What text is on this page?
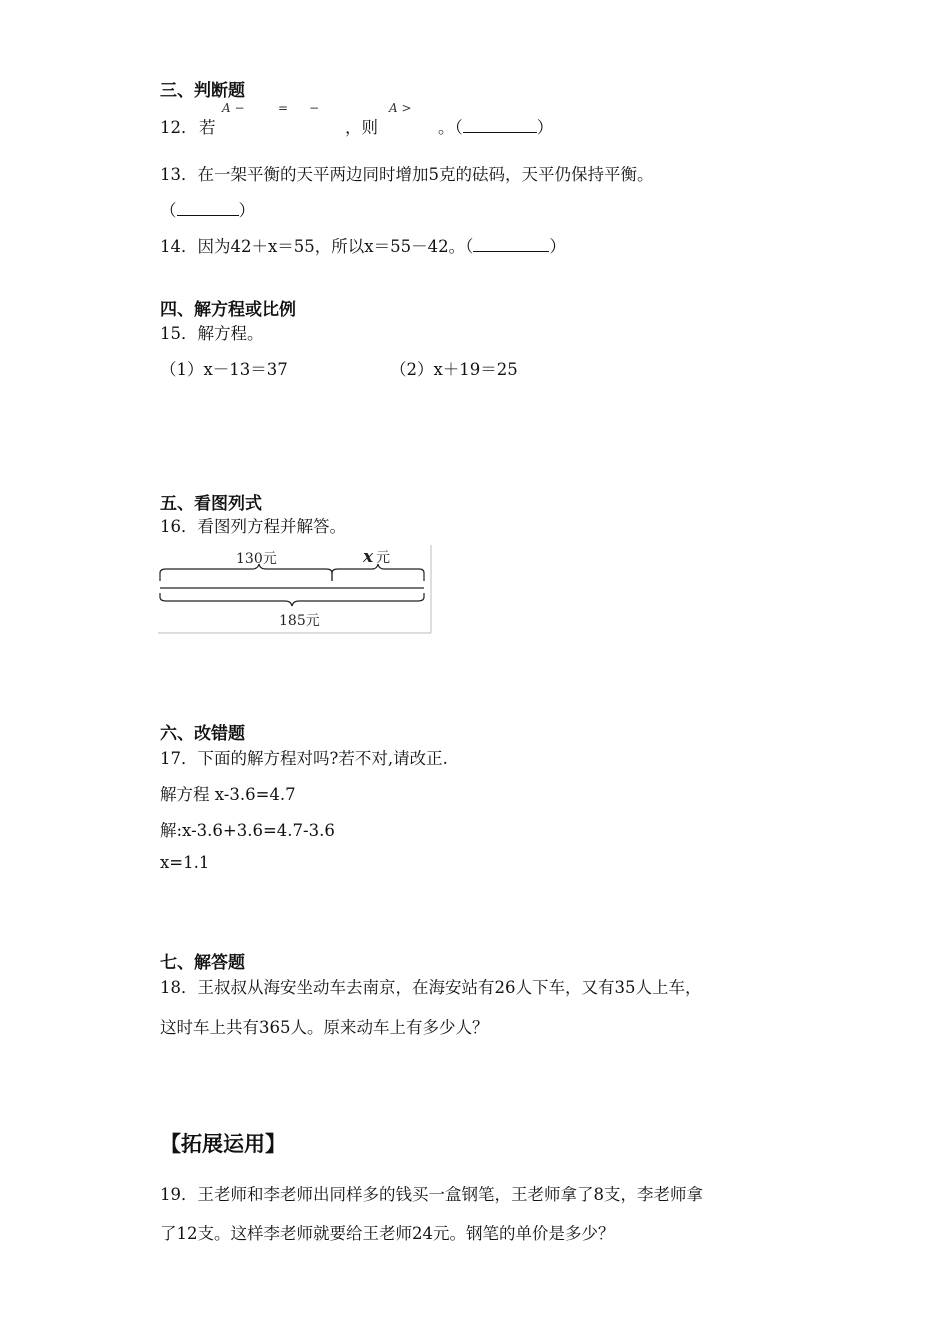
三、判断题
12． 若
A −	= −
，则
A >
。（	）
13．在一架平衡的天平两边同时增加5克的砝码，天平仍保持平衡。
（	）
14．因为42＋x＝55，所以x＝55－42。（	）
四、解方程或比例
15．解方程。
（1）x－13＝37	（2）x＋19＝25
五、看图列式
16．看图列方程并解答。
130元	x 元
185元
六、改错题
17．下面的解方程对吗?若不对,请改正.
解方程 x-3.6=4.7
解:x-3.6+3.6=4.7-3.6
x=1.1
七、解答题
18．王叔叔从海安坐动车去南京，在海安站有26人下车，又有35人上车，
这时车上共有365人。原来动车上有多少人？
【拓展运用】
19．王老师和李老师出同样多的钱买一盒钢笔，王老师拿了8支，李老师拿
了12支。这样李老师就要给王老师24元。钢笔的单价是多少？
